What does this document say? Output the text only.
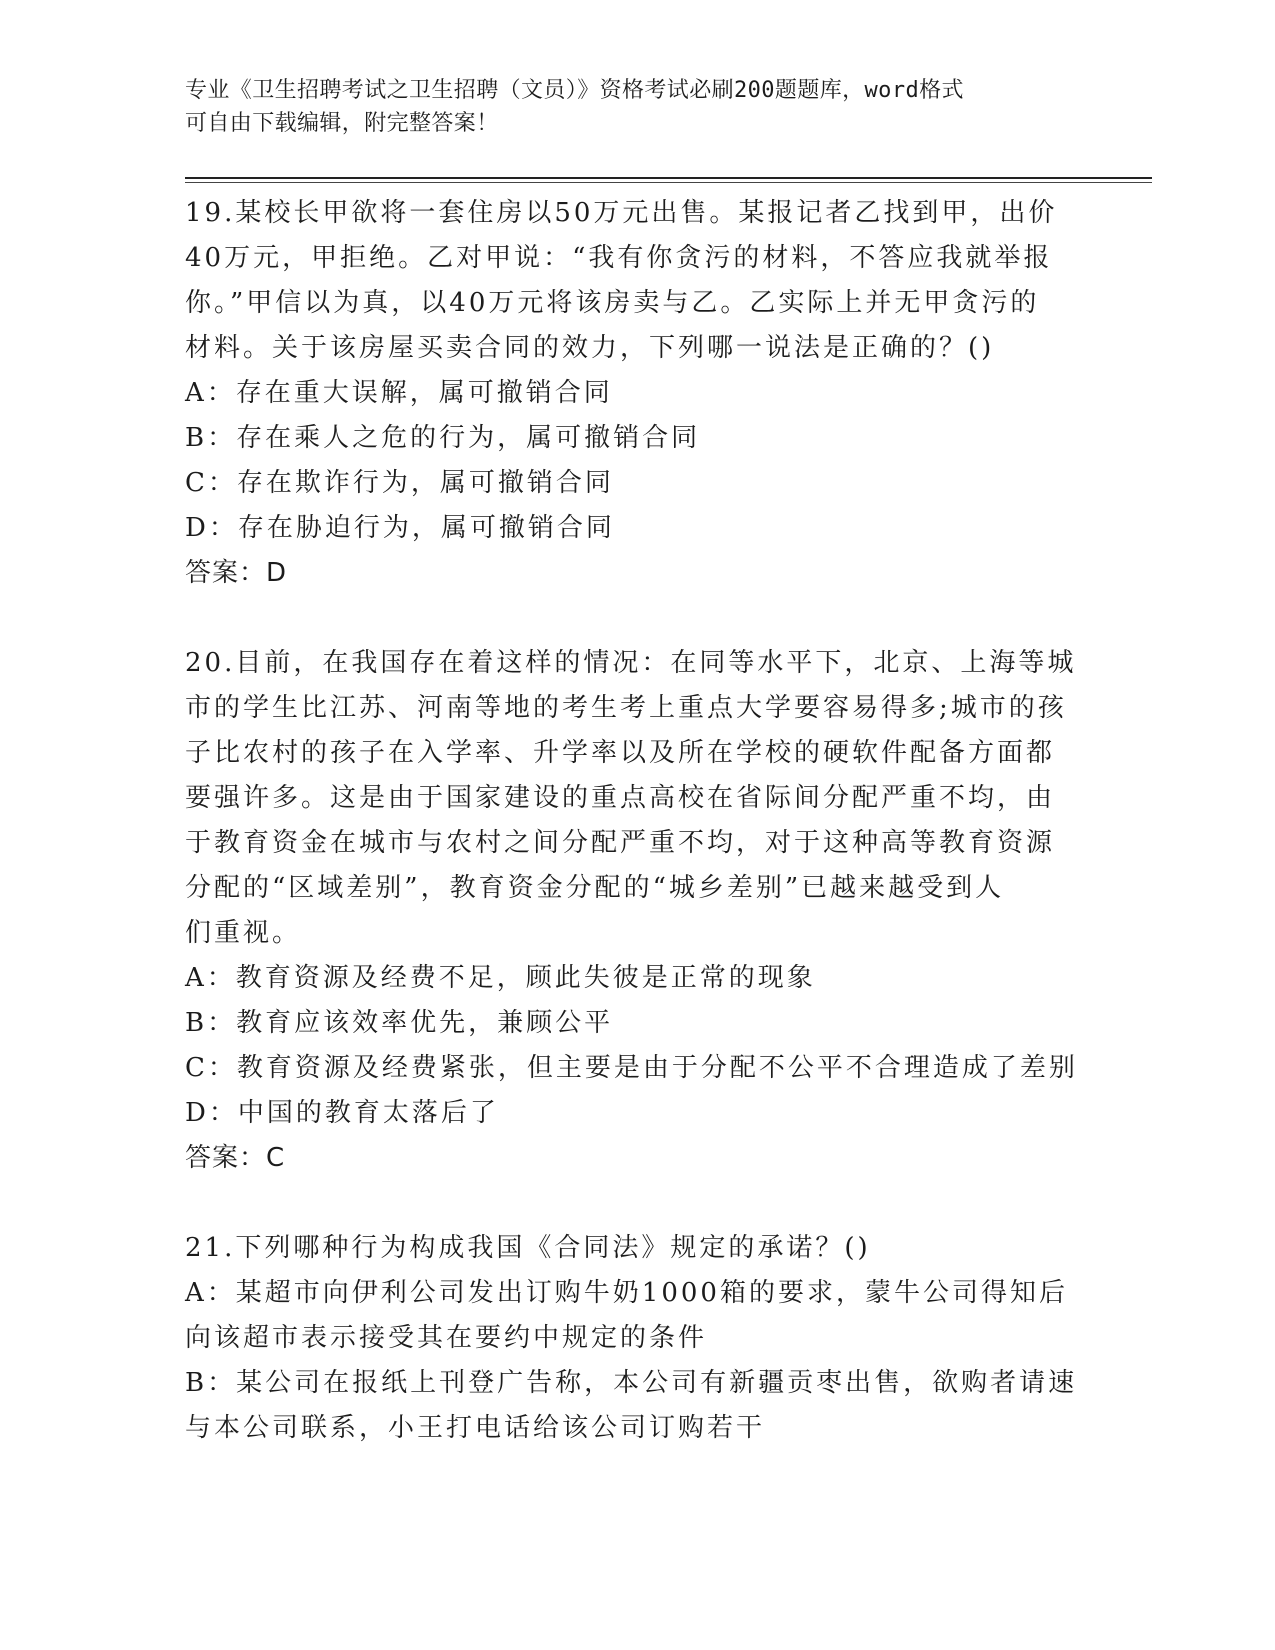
专业《卫生招聘考试之卫生招聘（文员）》资格考试必刷200题题库，word格式
可自由下载编辑，附完整答案！
19.某校长甲欲将一套住房以50万元出售。某报记者乙找到甲，出价
40万元，甲拒绝。乙对甲说：“我有你贪污的材料，不答应我就举报
你。”甲信以为真，以40万元将该房卖与乙。乙实际上并无甲贪污的
材料。关于该房屋买卖合同的效力，下列哪一说法是正确的？()
A：存在重大误解，属可撤销合同
B：存在乘人之危的行为，属可撤销合同
C：存在欺诈行为，属可撤销合同
D：存在胁迫行为，属可撤销合同
答案：D
20.目前，在我国存在着这样的情况：在同等水平下，北京、上海等城
市的学生比江苏、河南等地的考生考上重点大学要容易得多;城市的孩
子比农村的孩子在入学率、升学率以及所在学校的硬软件配备方面都
要强许多。这是由于国家建设的重点高校在省际间分配严重不均，由
于教育资金在城市与农村之间分配严重不均，对于这种高等教育资源
分配的“区域差别”，教育资金分配的“城乡差别”已越来越受到人
们重视。
A：教育资源及经费不足，顾此失彼是正常的现象
B：教育应该效率优先，兼顾公平
C：教育资源及经费紧张，但主要是由于分配不公平不合理造成了差别
D：中国的教育太落后了
答案：C
21.下列哪种行为构成我国《合同法》规定的承诺？()
A：某超市向伊利公司发出订购牛奶1000箱的要求，蒙牛公司得知后
向该超市表示接受其在要约中规定的条件
B：某公司在报纸上刊登广告称，本公司有新疆贡枣出售，欲购者请速
与本公司联系，小王打电话给该公司订购若干
